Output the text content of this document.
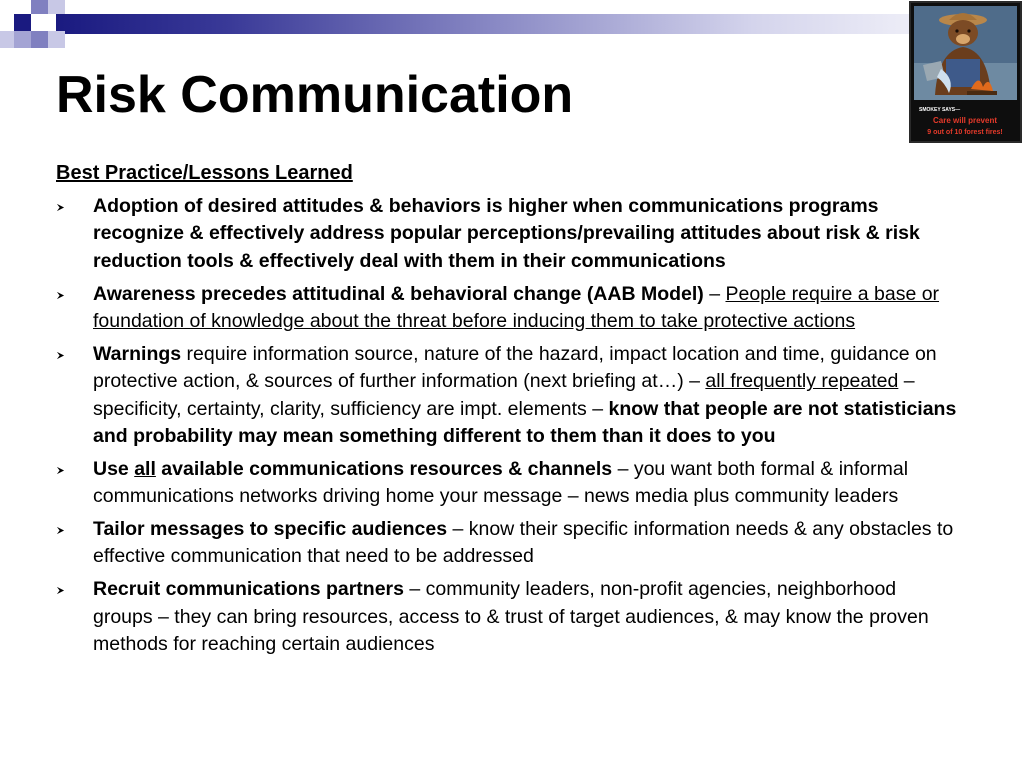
Risk Communication	SMOKEY SAYS—
Care will prevent
9 out of 10 forest fires!
Best Practice/Lessons Learned
Adoption of desired attitudes & behaviors is higher when communications programs recognize & effectively address popular perceptions/prevailing attitudes about risk & risk reduction tools & effectively deal with them in their communications
Awareness precedes attitudinal & behavioral change (AAB Model) – People require a base or foundation of knowledge about the threat before inducing them to take protective actions
Warnings require information source, nature of the hazard, impact location and time, guidance on protective action, & sources of further information (next briefing at…) – all frequently repeated – specificity, certainty, clarity, sufficiency are impt. elements – know that people are not statisticians and probability may mean something different to them than it does to you
Use all available communications resources & channels – you want both formal & informal communications networks driving home your message – news media plus community leaders
Tailor messages to specific audiences – know their specific information needs & any obstacles to effective communication that need to be addressed
Recruit communications partners – community leaders, non-profit agencies, neighborhood groups – they can bring resources, access to & trust of target audiences, & may know the proven methods for reaching certain audiences
